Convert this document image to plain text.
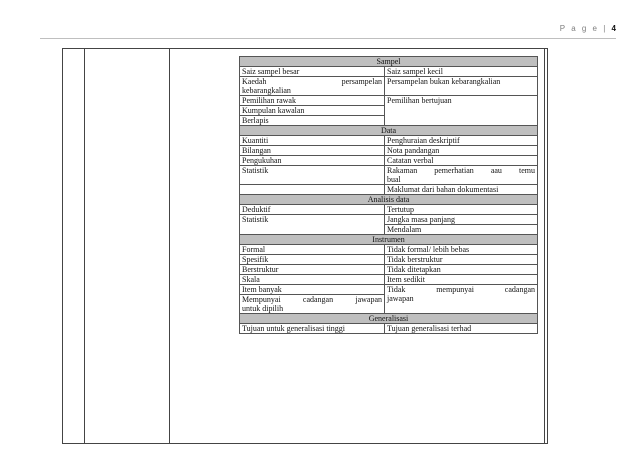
P a g e | 4
Sampel	
Saiz sampel besar	Saiz sampel kecil

Kaedah persampelan
kebarangkalian	Persampelan bukan kebarangkalian
Pemilihan rawak	Pemilihan bertujuan
Kumpulan kawalan	
Berlapis	
Data	
Kuantiti	Penghuraian deskriptif
Bilangan	Nota pandangan
Pengukuhan	Catatan verbal
Statistik	Rakaman pemerhatian aau temu
bual

	Maklumat dari bahan dokumentasi
Analisis data	
Deduktif	Tertutup
Statistik	Jangka masa panjang
	Mendalam
Instrumen	
Formal	Tidak formal/ lebih bebas
Spesifik	Tidak berstruktur
Berstruktur	Tidak ditetapkan
Skala	Item sedikit
Item banyak	Tidak mempunyai cadangan
jawapan

Mempunyai cadangan jawapan
untuk dipilih	

Generalisasi	
Tujuan untuk generalisasi tinggi	Tujuan generalisasi terhad
